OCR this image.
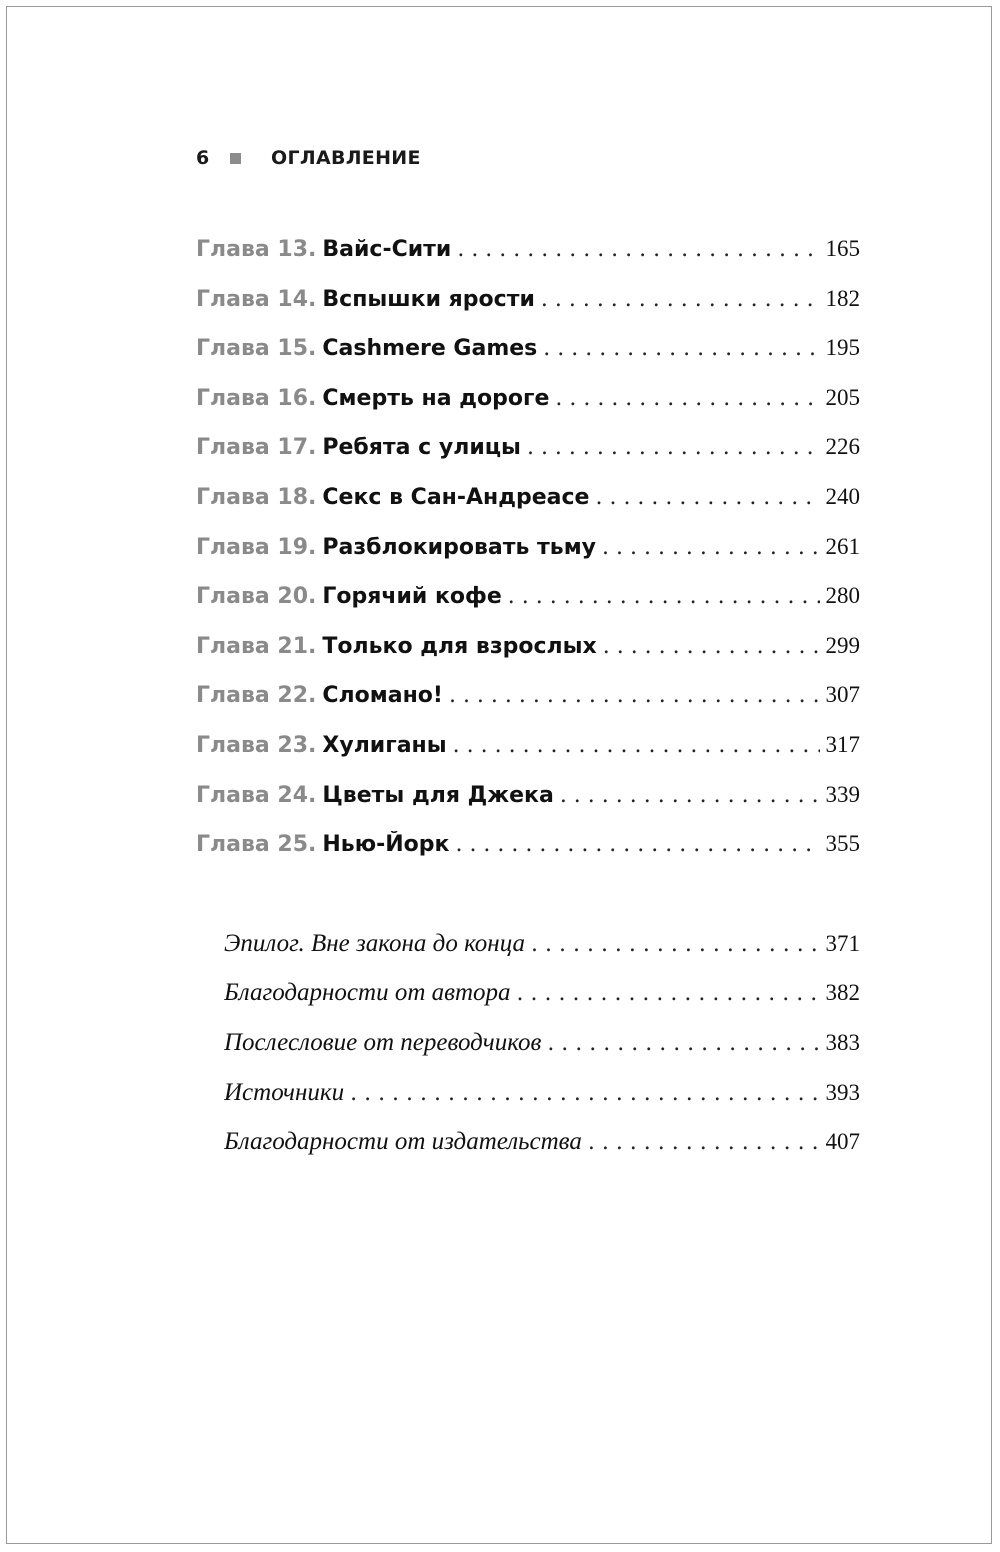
6	ОГЛАВЛЕНИЕ
Глава 13. Вайс-Сити . . .	165
Глава 14. Вспышки ярости . . .	182
Глава 15. Cashmere Games . . .	195
Глава 16. Смерть на дороге . . .	205
Глава 17. Ребята с улицы . . .	226
Глава 18. Секс в Сан-Андреасе . . .	240
Глава 19. Разблокировать тьму . . .	261
Глава 20. Горячий кофе . . .	280
Глава 21. Только для взрослых . . .	299
Глава 22. Сломано! . . .	307
Глава 23. Хулиганы . . .	317
Глава 24. Цветы для Джека . . .	339
Глава 25. Нью-Йорк . . .	355
Эпилог. Вне закона до конца . . .	371
Благодарности от автора . . .	382
Послесловие от переводчиков . . .	383
Источники . . .	393
Благодарности от издательства . . .	407
